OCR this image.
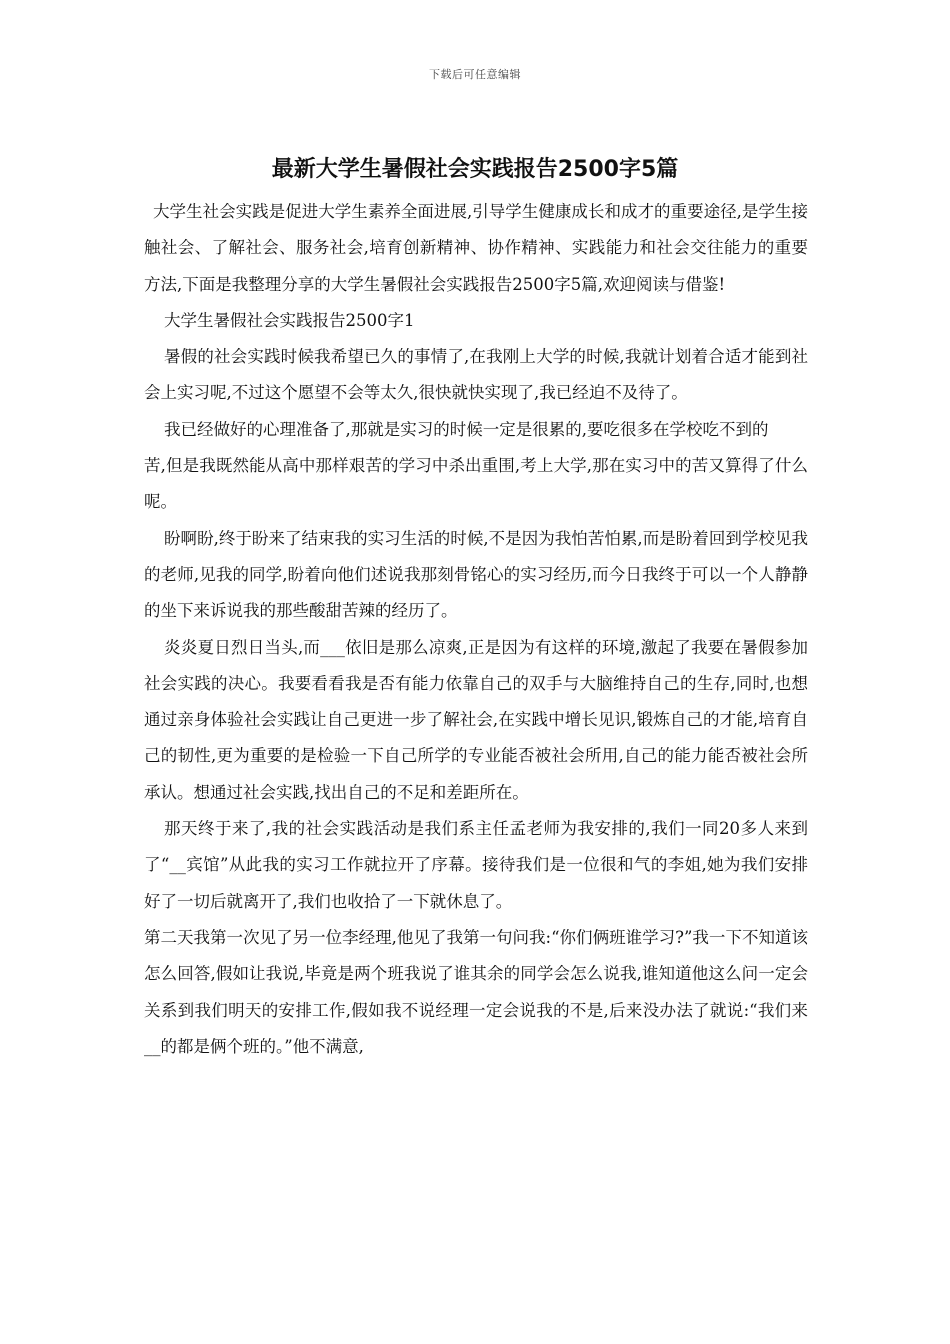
下载后可任意编辑
最新大学生暑假社会实践报告2500字5篇

大学生社会实践是促进大学生素养全面进展,引导学生健康成长和成才的重要途径,是学生接触社会、了解社会、服务社会,培育创新精神、协作精神、实践能力和社会交往能力的重要方法,下面是我整理分享的大学生暑假社会实践报告2500字5篇,欢迎阅读与借鉴!

大学生暑假社会实践报告2500字1

暑假的社会实践时候我希望已久的事情了,在我刚上大学的时候,我就计划着合适才能到社会上实习呢,不过这个愿望不会等太久,很快就快实现了,我已经迫不及待了。

我已经做好的心理准备了,那就是实习的时候一定是很累的,要吃很多在学校吃不到的

苦,但是我既然能从高中那样艰苦的学习中杀出重围,考上大学,那在实习中的苦又算得了什么呢。

盼啊盼,终于盼来了结束我的实习生活的时候,不是因为我怕苦怕累,而是盼着回到学校见我的老师,见我的同学,盼着向他们述说我那刻骨铭心的实习经历,而今日我终于可以一个人静静的坐下来诉说我的那些酸甜苦辣的经历了。

炎炎夏日烈日当头,而___依旧是那么凉爽,正是因为有这样的环境,激起了我要在暑假参加社会实践的决心。我要看看我是否有能力依靠自己的双手与大脑维持自己的生存,同时,也想通过亲身体验社会实践让自己更进一步了解社会,在实践中增长见识,锻炼自己的才能,培育自己的韧性,更为重要的是检验一下自己所学的专业能否被社会所用,自己的能力能否被社会所承认。想通过社会实践,找出自己的不足和差距所在。

那天终于来了,我的社会实践活动是我们系主任孟老师为我安排的,我们一同20多人来到了“__宾馆”从此我的实习工作就拉开了序幕。接待我们是一位很和气的李姐,她为我们安排好了一切后就离开了,我们也收拾了一下就休息了。

第二天我第一次见了另一位李经理,他见了我第一句问我:“你们俩班谁学习?”我一下不知道该怎么回答,假如让我说,毕竟是两个班我说了谁其余的同学会怎么说我,谁知道他这么问一定会关系到我们明天的安排工作,假如我不说经理一定会说我的不是,后来没办法了就说:“我们来__的都是俩个班的。”他不满意,
